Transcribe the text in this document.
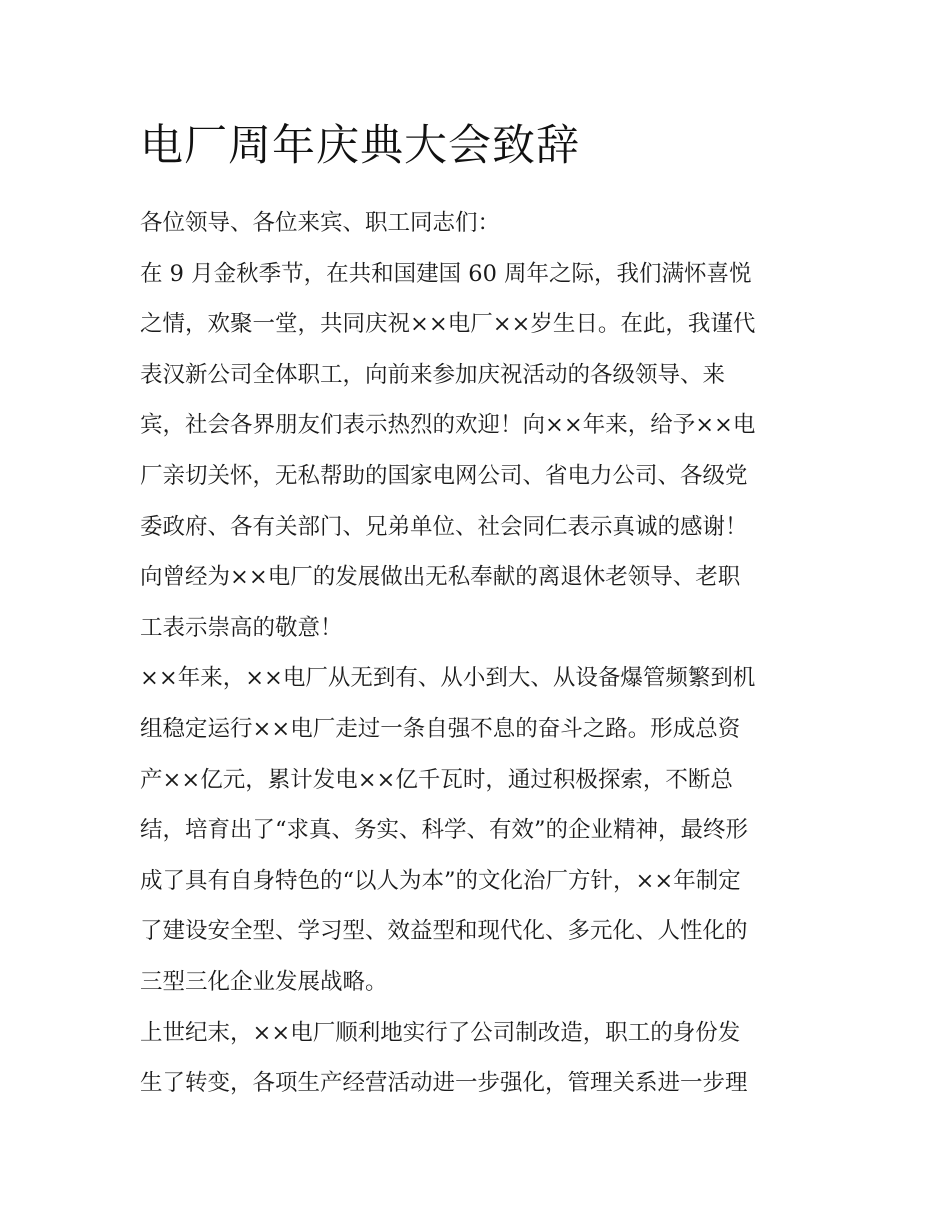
电厂周年庆典大会致辞
各位领导、各位来宾、职工同志们：
在 9 月金秋季节，在共和国建国 60 周年之际，我们满怀喜悦
之情，欢聚一堂，共同庆祝××电厂××岁生日。在此，我谨代
表汉新公司全体职工，向前来参加庆祝活动的各级领导、来
宾，社会各界朋友们表示热烈的欢迎！向××年来，给予××电
厂亲切关怀，无私帮助的国家电网公司、省电力公司、各级党
委政府、各有关部门、兄弟单位、社会同仁表示真诚的感谢！
向曾经为××电厂的发展做出无私奉献的离退休老领导、老职
工表示崇高的敬意！
××年来，××电厂从无到有、从小到大、从设备爆管频繁到机
组稳定运行××电厂走过一条自强不息的奋斗之路。形成总资
产××亿元，累计发电××亿千瓦时，通过积极探索，不断总
结，培育出了“求真、务实、科学、有效”的企业精神，最终形
成了具有自身特色的“以人为本”的文化治厂方针，××年制定
了建设安全型、学习型、效益型和现代化、多元化、人性化的
三型三化企业发展战略。
上世纪末，××电厂顺利地实行了公司制改造，职工的身份发
生了转变，各项生产经营活动进一步强化，管理关系进一步理
